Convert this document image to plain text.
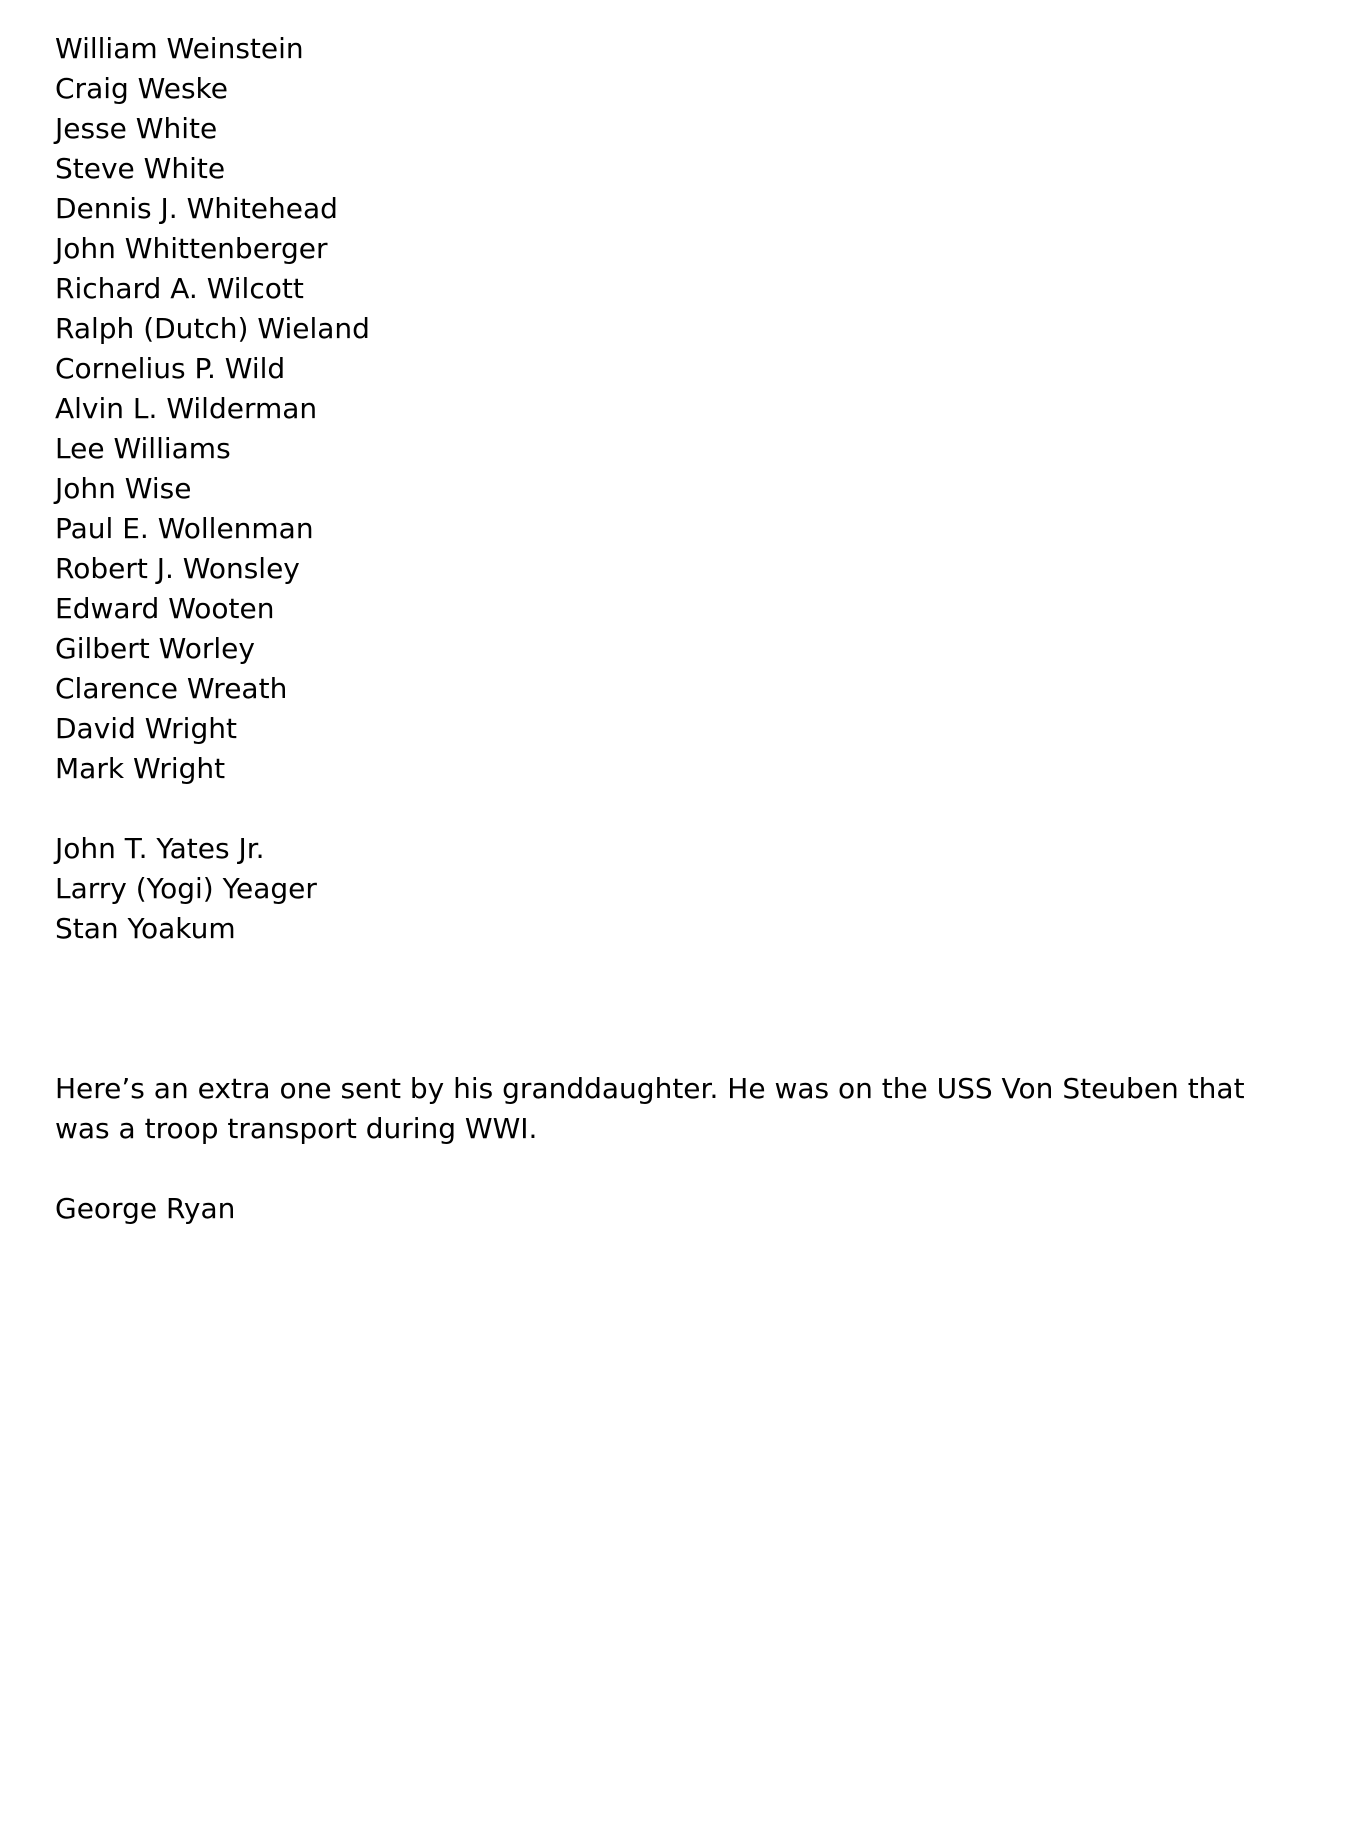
William Weinstein
Craig Weske
Jesse White
Steve White
Dennis J. Whitehead
John Whittenberger
Richard A. Wilcott
Ralph (Dutch) Wieland
Cornelius P. Wild
Alvin L. Wilderman
Lee Williams
John Wise
Paul E. Wollenman
Robert J. Wonsley
Edward Wooten
Gilbert Worley
Clarence Wreath
David Wright
Mark Wright
John T. Yates Jr.
Larry (Yogi) Yeager
Stan Yoakum

Here’s an extra one sent by his granddaughter. He was on the USS Von Steuben that was a troop transport during WWI.

George Ryan
